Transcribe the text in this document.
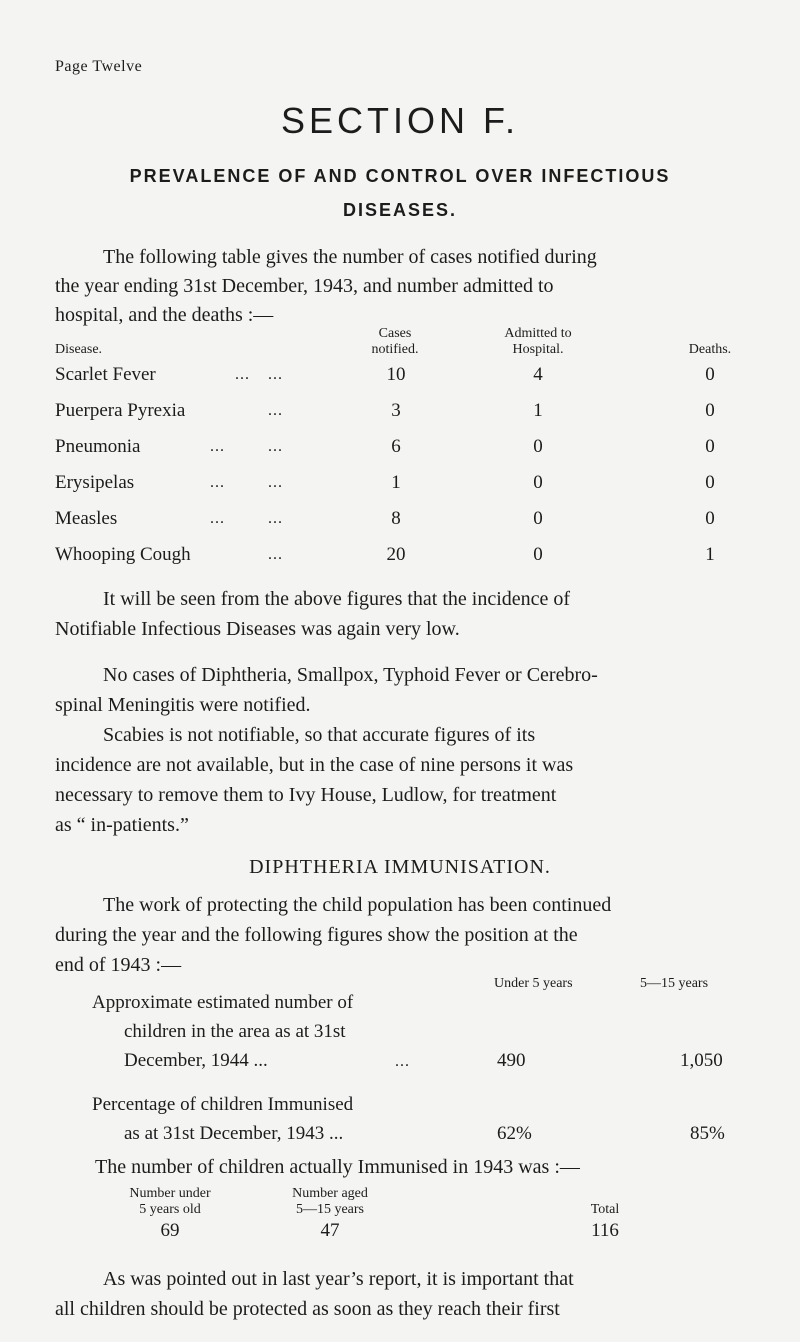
Page Twelve
SECTION F.
PREVALENCE OF AND CONTROL OVER INFECTIOUS
DISEASES.
The following table gives the number of cases notified during
the year ending 31st December, 1943, and number admitted to
hospital, and the deaths :—
Disease.
Cases
notified.
Admitted to
Hospital.	Deaths.
Scarlet Fever	... ...	10	4	0
Puerpera Pyrexia	...	3	1	0
Pneumonia	...	...	6	0	0
Erysipelas	...	...	1	0	0
Measles	...	...	8	0	0
Whooping Cough	...	20	0	1
It will be seen from the above figures that the incidence of
Notifiable Infectious Diseases was again very low.
No cases of Diphtheria, Smallpox, Typhoid Fever or Cerebro-
spinal Meningitis were notified.
Scabies is not notifiable, so that accurate figures of its
incidence are not available, but in the case of nine persons it was
necessary to remove them to Ivy House, Ludlow, for treatment
as “ in-patients.”
DIPHTHERIA IMMUNISATION.
The work of protecting the child population has been continued
during the year and the following figures show the position at the
end of 1943 :—
Under 5 years	5—15 years
Approximate estimated number of
children in the area as at 31st
December, 1944 ...	...	490	1,050
Percentage of children Immunised
as at 31st December, 1943 ...	62%	85%
The number of children actually Immunised in 1943 was :—
Number under
5 years old
Number aged
5—15 years	Total
69	47	116
As was pointed out in last year’s report, it is important that
all children should be protected as soon as they reach their first
